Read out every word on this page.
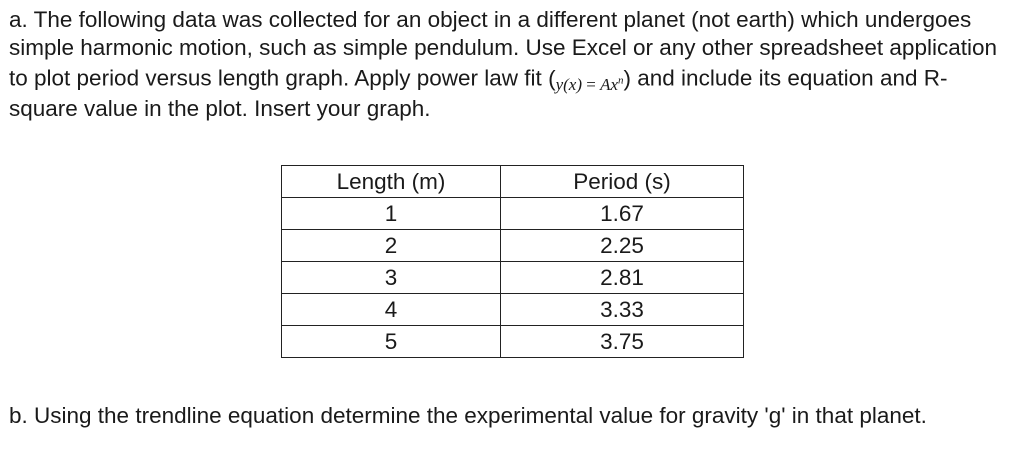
a. The following data was collected for an object in a different planet (not earth) which undergoes simple harmonic motion, such as simple pendulum. Use Excel or any other spreadsheet application to plot period versus length graph. Apply power law fit $(y(x) = Ax^n)$ and include its equation and R-square value in the plot. Insert your graph.
Length (m)	Period (s)
1	1.67
2	2.25
3	2.81
4	3.33
5	3.75
b. Using the trendline equation determine the experimental value for gravity 'g' in that planet.
